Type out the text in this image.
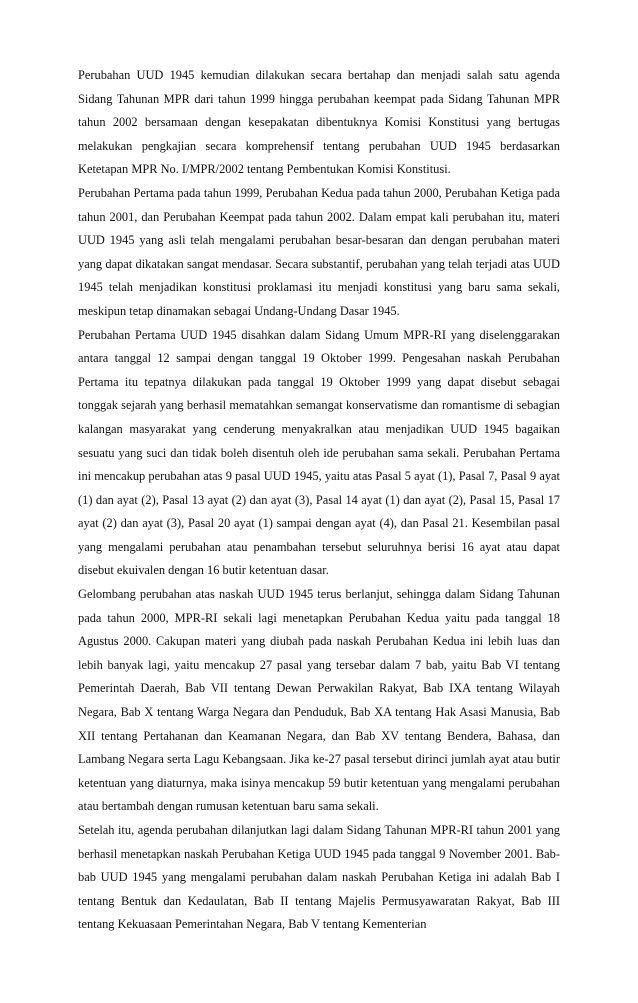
Perubahan UUD 1945 kemudian dilakukan secara bertahap dan menjadi salah satu agenda Sidang Tahunan MPR dari tahun 1999 hingga perubahan keempat pada Sidang Tahunan MPR tahun 2002 bersamaan dengan kesepakatan dibentuknya Komisi Konstitusi yang bertugas melakukan pengkajian secara komprehensif tentang perubahan UUD 1945 berdasarkan Ketetapan MPR No. I/MPR/2002 tentang Pembentukan Komisi Konstitusi.

Perubahan Pertama pada tahun 1999, Perubahan Kedua pada tahun 2000, Perubahan Ketiga pada tahun 2001, dan Perubahan Keempat pada tahun 2002. Dalam empat kali perubahan itu, materi UUD 1945 yang asli telah mengalami perubahan besar-besaran dan dengan perubahan materi yang dapat dikatakan sangat mendasar. Secara substantif, perubahan yang telah terjadi atas UUD 1945 telah menjadikan konstitusi proklamasi itu menjadi konstitusi yang baru sama sekali, meskipun tetap dinamakan sebagai Undang-Undang Dasar 1945.

Perubahan Pertama UUD 1945 disahkan dalam Sidang Umum MPR-RI yang diselenggarakan antara tanggal 12 sampai dengan tanggal 19 Oktober 1999. Pengesahan naskah Perubahan Pertama itu tepatnya dilakukan pada tanggal 19 Oktober 1999 yang dapat disebut sebagai tonggak sejarah yang berhasil mematahkan semangat konservatisme dan romantisme di sebagian kalangan masyarakat yang cenderung menyakralkan atau menjadikan UUD 1945 bagaikan sesuatu yang suci dan tidak boleh disentuh oleh ide perubahan sama sekali. Perubahan Pertama ini mencakup perubahan atas 9 pasal UUD 1945, yaitu atas Pasal 5 ayat (1), Pasal 7, Pasal 9 ayat (1) dan ayat (2), Pasal 13 ayat (2) dan ayat (3), Pasal 14 ayat (1) dan ayat (2), Pasal 15, Pasal 17 ayat (2) dan ayat (3), Pasal 20 ayat (1) sampai dengan ayat (4), dan Pasal 21. Kesembilan pasal yang mengalami perubahan atau penambahan tersebut seluruhnya berisi 16 ayat atau dapat disebut ekuivalen dengan 16 butir ketentuan dasar.

Gelombang perubahan atas naskah UUD 1945 terus berlanjut, sehingga dalam Sidang Tahunan pada tahun 2000, MPR-RI sekali lagi menetapkan Perubahan Kedua yaitu pada tanggal 18 Agustus 2000. Cakupan materi yang diubah pada naskah Perubahan Kedua ini lebih luas dan lebih banyak lagi, yaitu mencakup 27 pasal yang tersebar dalam 7 bab, yaitu Bab VI tentang Pemerintah Daerah, Bab VII tentang Dewan Perwakilan Rakyat, Bab IXA tentang Wilayah Negara, Bab X tentang Warga Negara dan Penduduk, Bab XA tentang Hak Asasi Manusia, Bab XII tentang Pertahanan dan Keamanan Negara, dan Bab XV tentang Bendera, Bahasa, dan Lambang Negara serta Lagu Kebangsaan. Jika ke-27 pasal tersebut dirinci jumlah ayat atau butir ketentuan yang diaturnya, maka isinya mencakup 59 butir ketentuan yang mengalami perubahan atau bertambah dengan rumusan ketentuan baru sama sekali.

Setelah itu, agenda perubahan dilanjutkan lagi dalam Sidang Tahunan MPR-RI tahun 2001 yang berhasil menetapkan naskah Perubahan Ketiga UUD 1945 pada tanggal 9 November 2001. Bab-bab UUD 1945 yang mengalami perubahan dalam naskah Perubahan Ketiga ini adalah Bab I tentang Bentuk dan Kedaulatan, Bab II tentang Majelis Permusyawaratan Rakyat, Bab III tentang Kekuasaan Pemerintahan Negara, Bab V tentang Kementerian
